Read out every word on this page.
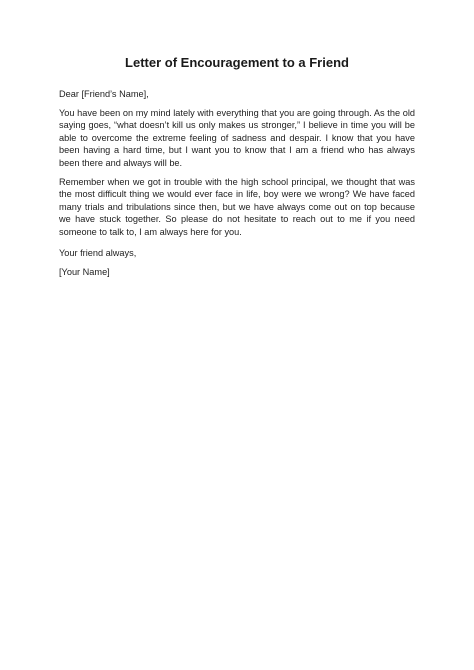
Letter of Encouragement to a Friend

Dear [Friend’s Name],

You have been on my mind lately with everything that you are going through. As the old saying goes, “what doesn’t kill us only makes us stronger,” I believe in time you will be able to overcome the extreme feeling of sadness and despair. I know that you have been having a hard time, but I want you to know that I am a friend who has always been there and always will be.

Remember when we got in trouble with the high school principal, we thought that was the most difficult thing we would ever face in life, boy were we wrong? We have faced many trials and tribulations since then, but we have always come out on top because we have stuck together. So please do not hesitate to reach out to me if you need someone to talk to, I am always here for you.

Your friend always,

[Your Name]
